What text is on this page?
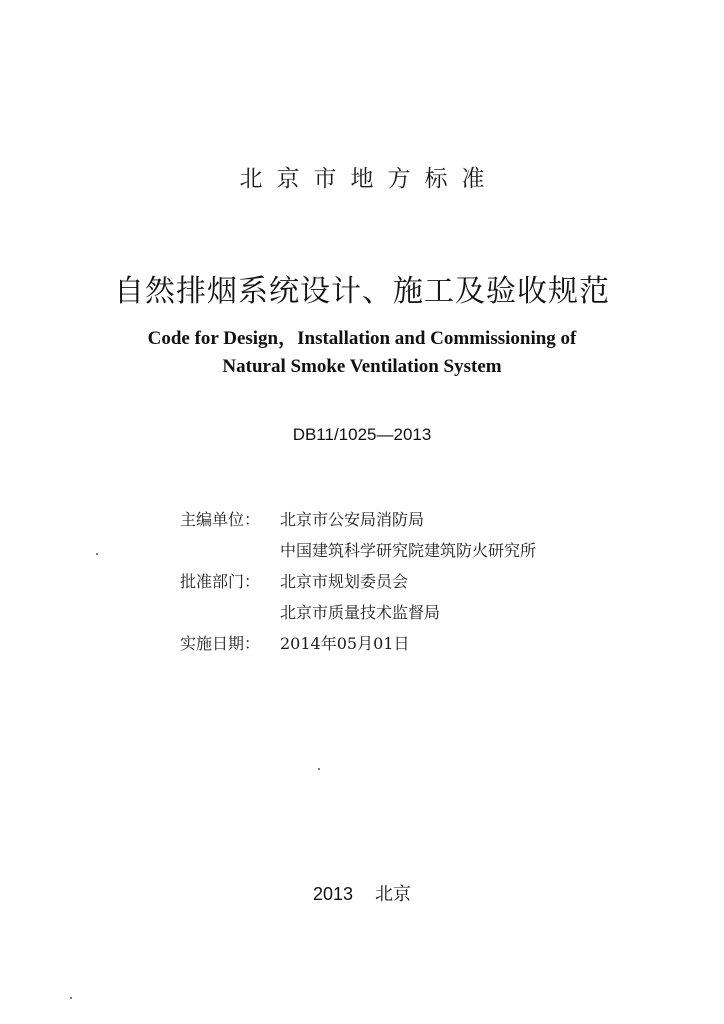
北京市地方标准
自然排烟系统设计、施工及验收规范
Code for Design，Installation and Commissioning of
Natural Smoke Ventilation System
DB11/1025—2013
主编单位：	北京市公安局消防局
中国建筑科学研究院建筑防火研究所
批准部门：	北京市规划委员会
北京市质量技术监督局
实施日期：	2014年05月01日
2013 北京
